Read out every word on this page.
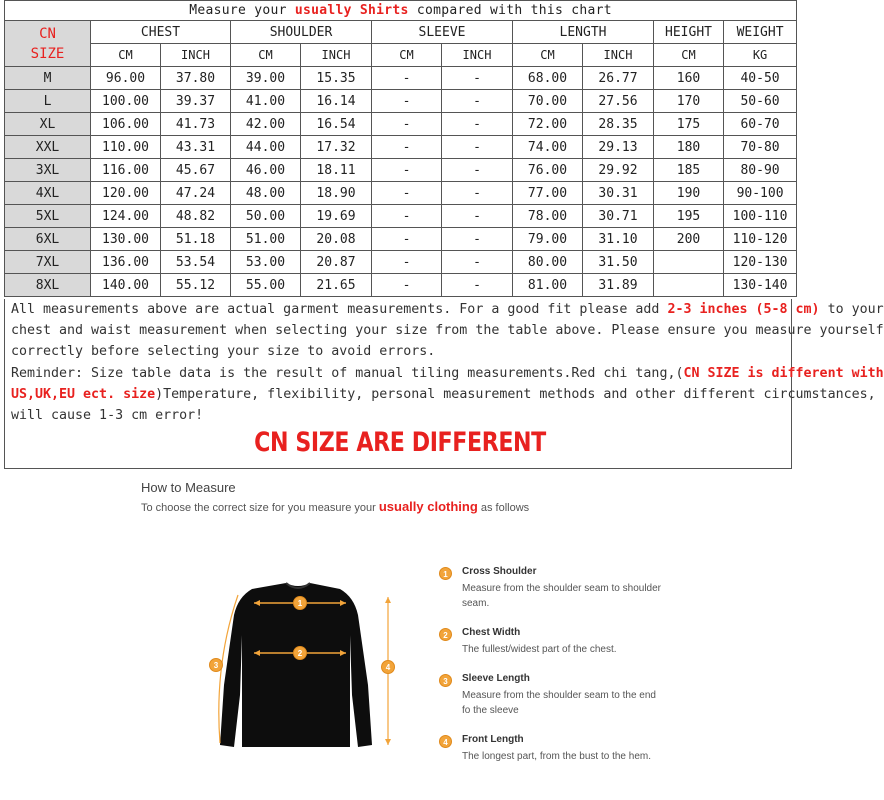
Measure your usually Shirts compared with this chart										

CN
SIZE	CHEST		SHOULDER		SLEEVE		LENGTH		HEIGHT	WEIGHT
	CM	INCH	CM	INCH	CM	INCH	CM	INCH	CM	KG
M	96.00	37.80	39.00	15.35	-	-	68.00	26.77	160	40-50
L	100.00	39.37	41.00	16.14	-	-	70.00	27.56	170	50-60
XL	106.00	41.73	42.00	16.54	-	-	72.00	28.35	175	60-70
XXL	110.00	43.31	44.00	17.32	-	-	74.00	29.13	180	70-80
3XL	116.00	45.67	46.00	18.11	-	-	76.00	29.92	185	80-90
4XL	120.00	47.24	48.00	18.90	-	-	77.00	30.31	190	90-100
5XL	124.00	48.82	50.00	19.69	-	-	78.00	30.71	195	100-110
6XL	130.00	51.18	51.00	20.08	-	-	79.00	31.10	200	110-120
7XL	136.00	53.54	53.00	20.87	-	-	80.00	31.50		120-130
8XL	140.00	55.12	55.00	21.65	-	-	81.00	31.89		130-140
All measurements above are actual garment measurements. For a good fit please add 2-3 inches (5-8 cm) to your
chest and waist measurement when selecting your size from the table above. Please ensure you measure yourself
correctly before selecting your size to avoid errors.
Reminder: Size table data is the result of manual tiling measurements.Red chi tang,(CN SIZE is different with
US,UK,EU ect. size)Temperature, flexibility, personal measurement methods and other different circumstances,
will cause 1-3 cm error!
CN SIZE ARE DIFFERENT
How to Measure
To choose the correct size for you measure your usually clothing as follows
1
2
3	4
1	Cross Shoulder
Measure from the shoulder seam to shoulder seam.
2	Chest Width
The fullest/widest part of the chest.
3	Sleeve Length
Measure from the shoulder seam to the end fo the sleeve
4	Front Length
The longest part, from the bust to the hem.
